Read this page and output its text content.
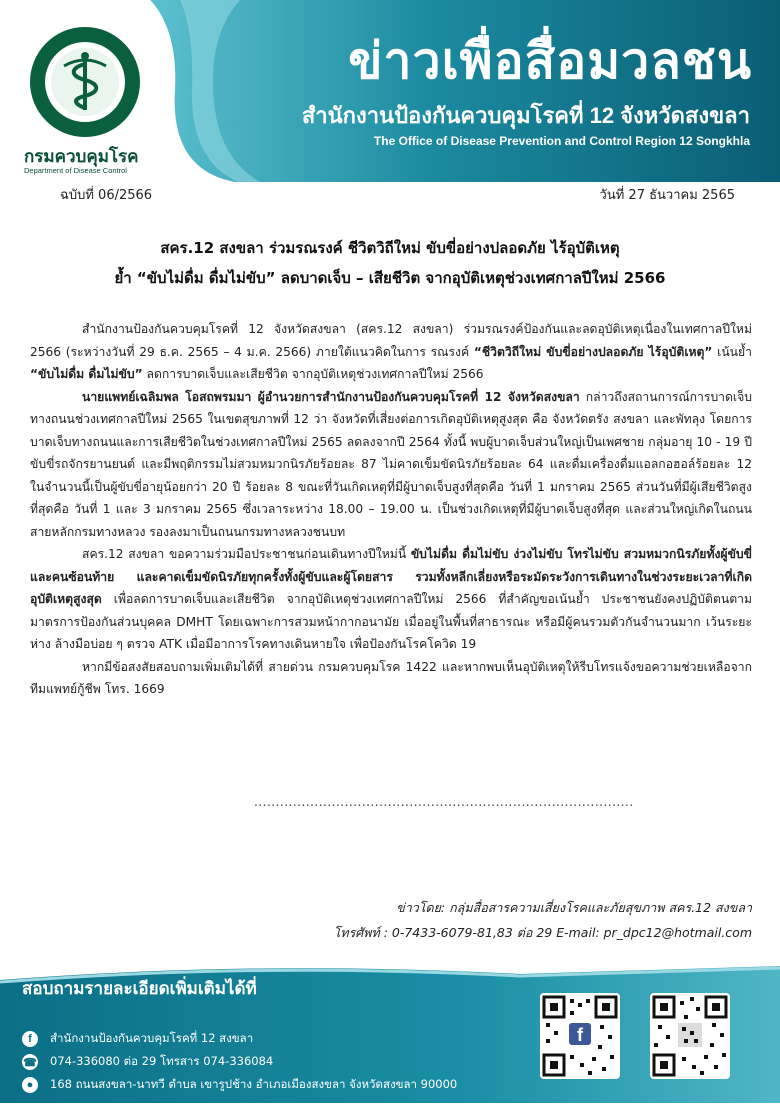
กรมควบคุมโรค
Department of Disease Control
ข่าวเพื่อสื่อมวลชน
สำนักงานป้องกันควบคุมโรคที่ 12 จังหวัดสงขลา
The Office of Disease Prevention and Control Region 12 Songkhla
ฉบับที่ 06/2566	วันที่ 27 ธันวาคม 2565
สคร.12 สงขลา ร่วมรณรงค์ ชีวิตวิถีใหม่ ขับขี่อย่างปลอดภัย ไร้อุบัติเหตุ
ย้ำ “ขับไม่ดื่ม ดื่มไม่ขับ” ลดบาดเจ็บ – เสียชีวิต จากอุบัติเหตุช่วงเทศกาลปีใหม่ 2566

สำนักงานป้องกันควบคุมโรคที่ 12 จังหวัดสงขลา (สคร.12 สงขลา) ร่วมรณรงค์ป้องกันและลดอุบัติเหตุเนื่องในเทศกาลปีใหม่ 2566 (ระหว่างวันที่ 29 ธ.ค. 2565 – 4 ม.ค. 2566) ภายใต้แนวคิดในการ รณรงค์ “ชีวิตวิถีใหม่ ขับขี่อย่างปลอดภัย ไร้อุบัติเหตุ” เน้นย้ำ “ขับไม่ดื่ม ดื่มไม่ขับ” ลดการบาดเจ็บและเสียชีวิต จากอุบัติเหตุช่วงเทศกาลปีใหม่ 2566

นายแพทย์เฉลิมพล โอสถพรมมา ผู้อำนวยการสำนักงานป้องกันควบคุมโรคที่ 12 จังหวัดสงขลา กล่าวถึงสถานการณ์การบาดเจ็บทางถนนช่วงเทศกาลปีใหม่ 2565 ในเขตสุขภาพที่ 12 ว่า จังหวัดที่เสี่ยงต่อการเกิดอุบัติเหตุสูงสุด คือ จังหวัดตรัง สงขลา และพัทลุง โดยการบาดเจ็บทางถนนและการเสียชีวิตในช่วงเทศกาลปีใหม่ 2565 ลดลงจากปี 2564 ทั้งนี้ พบผู้บาดเจ็บส่วนใหญ่เป็นเพศชาย กลุ่มอายุ 10 - 19 ปี ขับขี่รถจักรยานยนต์ และมีพฤติกรรมไม่สวมหมวกนิรภัยร้อยละ 87 ไม่คาดเข็มขัดนิรภัยร้อยละ 64 และดื่มเครื่องดื่มแอลกอฮอล์ร้อยละ 12 ในจำนวนนี้เป็นผู้ขับขี่อายุน้อยกว่า 20 ปี ร้อยละ 8 ขณะที่วันเกิดเหตุที่มีผู้บาดเจ็บสูงที่สุดคือ วันที่ 1 มกราคม 2565 ส่วนวันที่มีผู้เสียชีวิตสูงที่สุดคือ วันที่ 1 และ 3 มกราคม 2565 ซึ่งเวลาระหว่าง 18.00 – 19.00 น. เป็นช่วงเกิดเหตุที่มีผู้บาดเจ็บสูงที่สุด และส่วนใหญ่เกิดในถนนสายหลักกรมทางหลวง รองลงมาเป็นถนนกรมทางหลวงชนบท

สคร.12 สงขลา ขอความร่วมมือประชาชนก่อนเดินทางปีใหม่นี้ ขับไม่ดื่ม ดื่มไม่ขับ ง่วงไม่ขับ โทรไม่ขับ สวมหมวกนิรภัยทั้งผู้ขับขี่และคนซ้อนท้าย และคาดเข็มขัดนิรภัยทุกครั้งทั้งผู้ขับและผู้โดยสาร รวมทั้งหลีกเลี่ยงหรือระมัดระวังการเดินทางในช่วงระยะเวลาที่เกิดอุบัติเหตุสูงสุด เพื่อลดการบาดเจ็บและเสียชีวิต จากอุบัติเหตุช่วงเทศกาลปีใหม่ 2566 ที่สำคัญขอเน้นย้ำ ประชาชนยังคงปฏิบัติตนตามมาตรการป้องกันส่วนบุคคล DMHT โดยเฉพาะการสวมหน้ากากอนามัย เมื่ออยู่ในพื้นที่สาธารณะ หรือมีผู้คนรวมตัวกันจำนวนมาก เว้นระยะห่าง ล้างมือบ่อย ๆ ตรวจ ATK เมื่อมีอาการโรคทางเดินหายใจ เพื่อป้องกันโรคโควิด 19

หากมีข้อสงสัยสอบถามเพิ่มเติมได้ที่ สายด่วน กรมควบคุมโรค 1422 และหากพบเห็นอุบัติเหตุให้รีบโทรแจ้งขอความช่วยเหลือจากทีมแพทย์กู้ชีพ โทร. 1669

........................................................................................
ข่าวโดย: กลุ่มสื่อสารความเสี่ยงโรคและภัยสุขภาพ สคร.12 สงขลา
โทรศัพท์ : 0-7433-6079-81,83 ต่อ 29 E-mail: pr_dpc12@hotmail.com
สอบถามรายละเอียดเพิ่มเติมได้ที่
f	สำนักงานป้องกันควบคุมโรคที่ 12 สงขลา
☎ 074-336080 ต่อ 29 โทรสาร 074-336084
●	168 ถนนสงขลา-นาทวี ตำบล เขารูปช้าง อำเภอเมืองสงขลา จังหวัดสงขลา 90000
f
